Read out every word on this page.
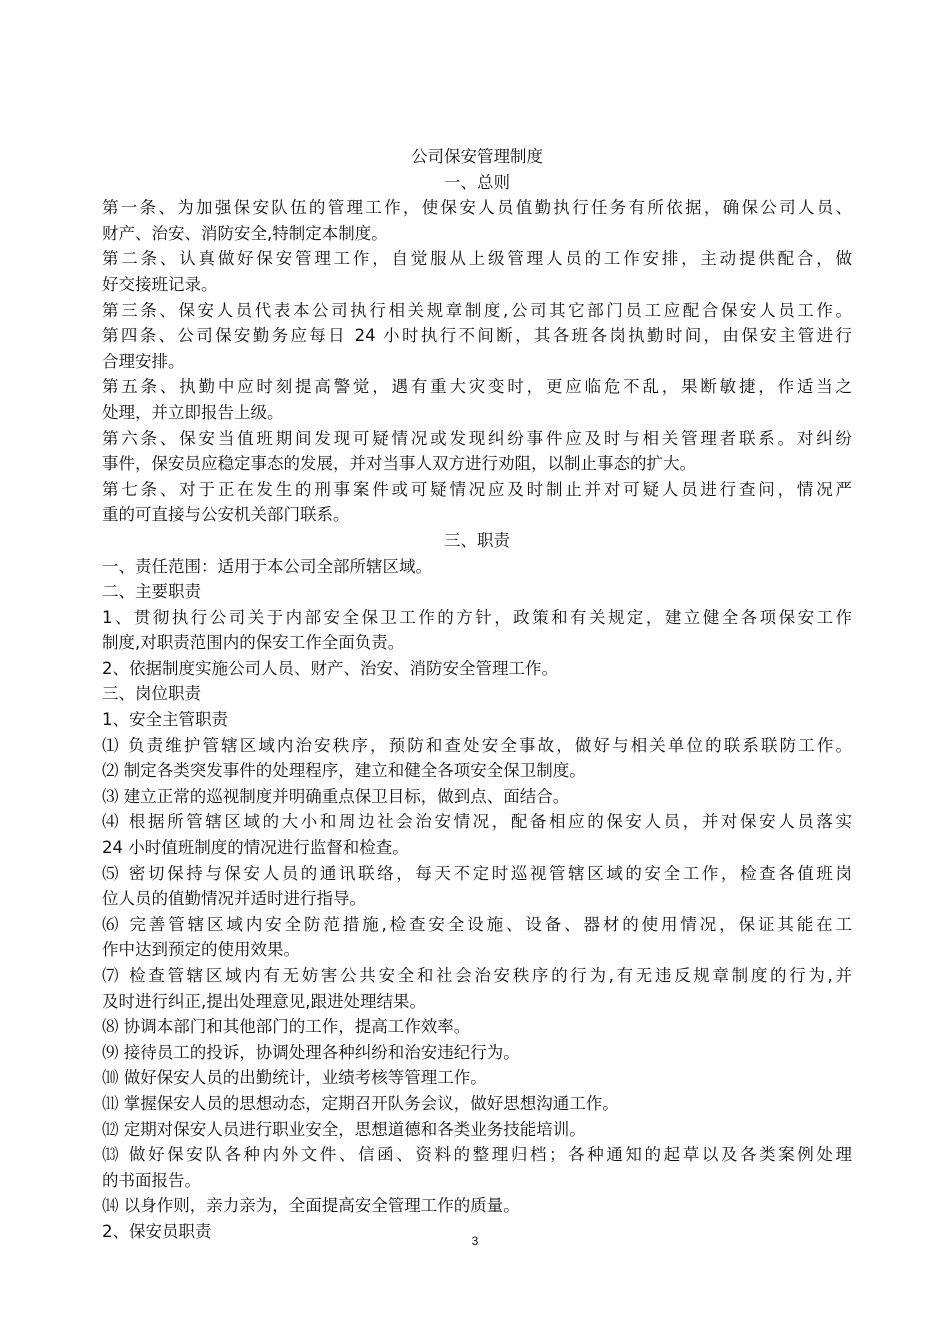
公司保安管理制度
一、总则
第一条、为加强保安队伍的管理工作，使保安人员值勤执行任务有所依据，确保公司人员、
财产、治安、消防安全,特制定本制度。
第二条、认真做好保安管理工作，自觉服从上级管理人员的工作安排，主动提供配合，做
好交接班记录。
第三条、保安人员代表本公司执行相关规章制度,公司其它部门员工应配合保安人员工作。
第四条、公司保安勤务应每日 24 小时执行不间断，其各班各岗执勤时间，由保安主管进行
合理安排。
第五条、执勤中应时刻提高警觉，遇有重大灾变时，更应临危不乱，果断敏捷，作适当之
处理，并立即报告上级。
第六条、保安当值班期间发现可疑情况或发现纠纷事件应及时与相关管理者联系。对纠纷
事件，保安员应稳定事态的发展，并对当事人双方进行劝阻，以制止事态的扩大。
第七条、对于正在发生的刑事案件或可疑情况应及时制止并对可疑人员进行查问，情况严
重的可直接与公安机关部门联系。
三、职责
一、责任范围：适用于本公司全部所辖区域。
二、主要职责
1、贯彻执行公司关于内部安全保卫工作的方针，政策和有关规定，建立健全各项保安工作
制度,对职责范围内的保安工作全面负责。
2、依据制度实施公司人员、财产、治安、消防安全管理工作。
三、岗位职责
1、安全主管职责
⑴ 负责维护管辖区域内治安秩序，预防和查处安全事故，做好与相关单位的联系联防工作。
⑵ 制定各类突发事件的处理程序，建立和健全各项安全保卫制度。
⑶ 建立正常的巡视制度并明确重点保卫目标，做到点、面结合。
⑷ 根据所管辖区域的大小和周边社会治安情况，配备相应的保安人员，并对保安人员落实
24 小时值班制度的情况进行监督和检查。
⑸ 密切保持与保安人员的通讯联络，每天不定时巡视管辖区域的安全工作，检查各值班岗
位人员的值勤情况并适时进行指导。
⑹ 完善管辖区域内安全防范措施,检查安全设施、设备、器材的使用情况，保证其能在工
作中达到预定的使用效果。
⑺ 检查管辖区域内有无妨害公共安全和社会治安秩序的行为,有无违反规章制度的行为,并
及时进行纠正,提出处理意见,跟进处理结果。
⑻ 协调本部门和其他部门的工作，提高工作效率。
⑼ 接待员工的投诉，协调处理各种纠纷和治安违纪行为。
⑽ 做好保安人员的出勤统计，业绩考核等管理工作。
⑾ 掌握保安人员的思想动态，定期召开队务会议，做好思想沟通工作。
⑿ 定期对保安人员进行职业安全，思想道德和各类业务技能培训。
⒀ 做好保安队各种内外文件、信函、资料的整理归档；各种通知的起草以及各类案例处理
的书面报告。
⒁ 以身作则，亲力亲为，全面提高安全管理工作的质量。
2、保安员职责
3
